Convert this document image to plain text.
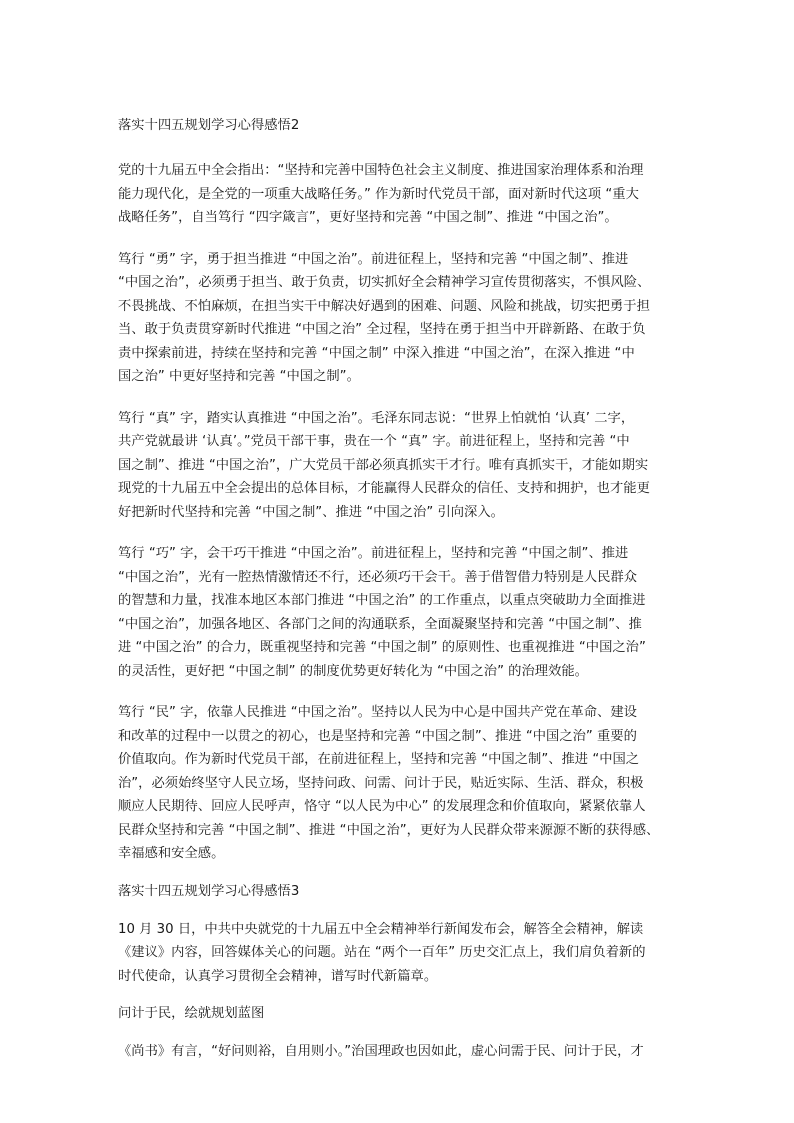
落实十四五规划学习心得感悟2
党的十九届五中全会指出：“坚持和完善中国特色社会主义制度、推进国家治理体系和治理
能力现代化，是全党的一项重大战略任务。” 作为新时代党员干部，面对新时代这项 “重大
战略任务”，自当笃行 “四字箴言”，更好坚持和完善 “中国之制”、推进 “中国之治”。
笃行 “勇” 字，勇于担当推进 “中国之治”。前进征程上，坚持和完善 “中国之制”、推进
“中国之治”，必须勇于担当、敢于负责，切实抓好全会精神学习宣传贯彻落实，不惧风险、
不畏挑战、不怕麻烦，在担当实干中解决好遇到的困难、问题、风险和挑战，切实把勇于担
当、敢于负责贯穿新时代推进 “中国之治” 全过程，坚持在勇于担当中开辟新路、在敢于负
责中探索前进，持续在坚持和完善 “中国之制” 中深入推进 “中国之治”，在深入推进 “中
国之治” 中更好坚持和完善 “中国之制”。
笃行 “真” 字，踏实认真推进 “中国之治”。毛泽东同志说：“世界上怕就怕 ‘认真’ 二字，
共产党就最讲 ‘认真’。”党员干部干事，贵在一个 “真” 字。前进征程上，坚持和完善 “中
国之制”、推进 “中国之治”，广大党员干部必须真抓实干才行。唯有真抓实干，才能如期实
现党的十九届五中全会提出的总体目标，才能赢得人民群众的信任、支持和拥护，也才能更
好把新时代坚持和完善 “中国之制”、推进 “中国之治” 引向深入。
笃行 “巧” 字，会干巧干推进 “中国之治”。前进征程上，坚持和完善 “中国之制”、推进
“中国之治”，光有一腔热情激情还不行，还必须巧干会干。善于借智借力特别是人民群众
的智慧和力量，找准本地区本部门推进 “中国之治” 的工作重点，以重点突破助力全面推进
“中国之治”，加强各地区、各部门之间的沟通联系，全面凝聚坚持和完善 “中国之制”、推
进 “中国之治” 的合力，既重视坚持和完善 “中国之制” 的原则性、也重视推进 “中国之治”
的灵活性，更好把 “中国之制” 的制度优势更好转化为 “中国之治” 的治理效能。
笃行 “民” 字，依靠人民推进 “中国之治”。坚持以人民为中心是中国共产党在革命、建设
和改革的过程中一以贯之的初心，也是坚持和完善 “中国之制”、推进 “中国之治” 重要的
价值取向。作为新时代党员干部，在前进征程上，坚持和完善 “中国之制”、推进 “中国之
治”，必须始终坚守人民立场，坚持问政、问需、问计于民，贴近实际、生活、群众，积极
顺应人民期待、回应人民呼声，恪守 “以人民为中心” 的发展理念和价值取向，紧紧依靠人
民群众坚持和完善 “中国之制”、推进 “中国之治”，更好为人民群众带来源源不断的获得感、
幸福感和安全感。
落实十四五规划学习心得感悟3
10 月 30 日，中共中央就党的十九届五中全会精神举行新闻发布会，解答全会精神，解读
《建议》内容，回答媒体关心的问题。站在 “两个一百年” 历史交汇点上，我们肩负着新的
时代使命，认真学习贯彻全会精神，谱写时代新篇章。
问计于民，绘就规划蓝图
《尚书》有言，“好问则裕，自用则小。”治国理政也因如此，虚心问需于民、问计于民，才
